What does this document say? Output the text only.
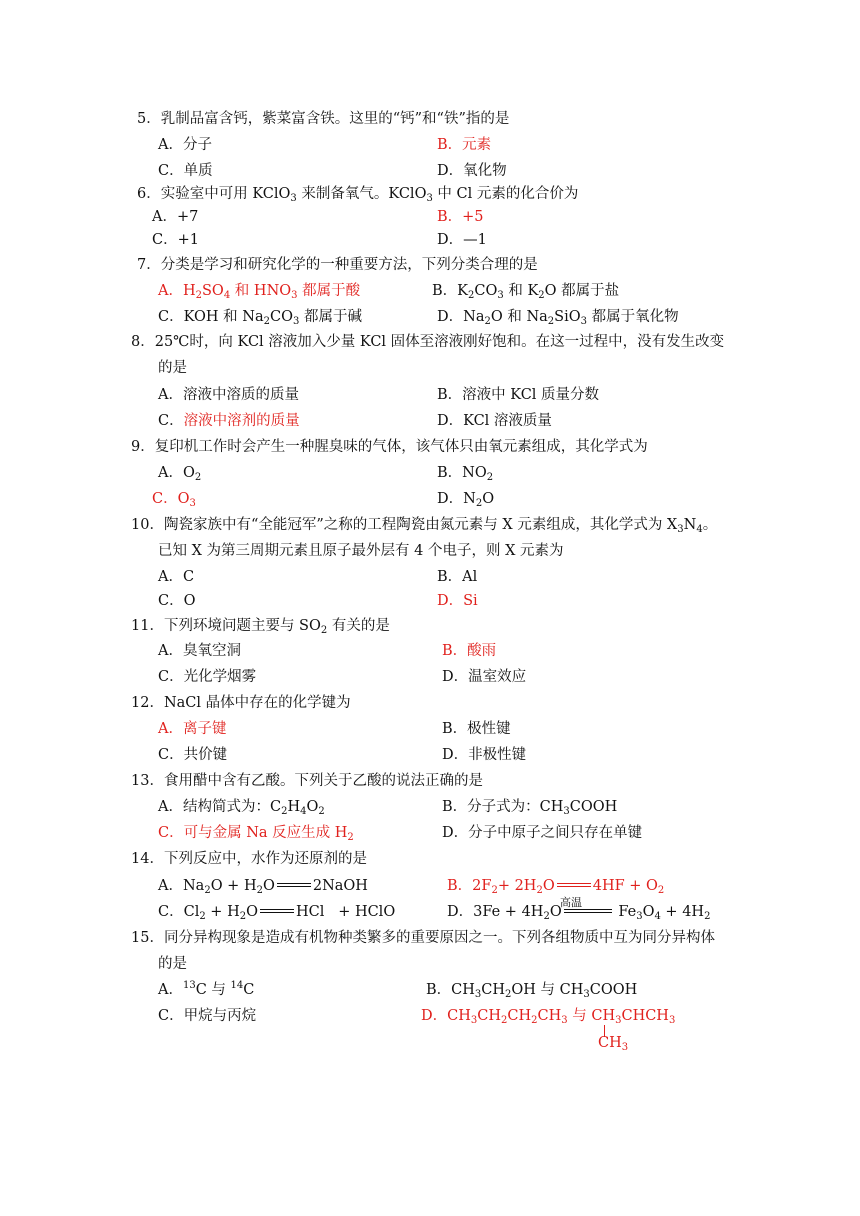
5．乳制品富含钙，紫菜富含铁。这里的“钙”和“铁”指的是
A．分子	B．元素
C．单质	D．氧化物
6．实验室中可用 KClO$_3$ 来制备氧气。KClO$_3$ 中 Cl 元素的化合价为
A．+7	B．+5
C．+1	D．—1
7．分类是学习和研究化学的一种重要方法，下列分类合理的是
A．$H_2SO_4$ 和 $HNO_3$ 都属于酸	B．$K_2CO_3$ 和 $K_2O$ 都属于盐
C．KOH 和 $Na_2CO_3$ 都属于碱	D．$Na_2O$ 和 $Na_2SiO_3$ 都属于氧化物
8．25℃时，向 KCl 溶液加入少量 KCl 固体至溶液刚好饱和。在这一过程中，没有发生改变
的是
A．溶液中溶质的质量	B．溶液中 KCl 质量分数
C．溶液中溶剂的质量	D．KCl 溶液质量
9．复印机工作时会产生一种腥臭味的气体，该气体只由氧元素组成，其化学式为
A．$O_2$	B．$NO_2$
C．$O_3$	D．$N_2O$
10．陶瓷家族中有“全能冠军”之称的工程陶瓷由氮元素与 X 元素组成，其化学式为 $X_3N_4$。
已知 X 为第三周期元素且原子最外层有 4 个电子，则 X 元素为
A．C	B．Al
C．O	D．Si
11．下列环境问题主要与 $SO_2$ 有关的是
A．臭氧空洞	B．酸雨
C．光化学烟雾	D．温室效应
12．NaCl 晶体中存在的化学键为
A．离子键	B．极性键
C．共价键	D．非极性键
13．食用醋中含有乙酸。下列关于乙酸的说法正确的是
A．结构简式为：$C_2H_4O_2$	B．分子式为：$CH_3COOH$
C．可与金属 Na 反应生成 $H_2$	D．分子中原子之间只存在单键
14．下列反应中，水作为还原剂的是
A．$Na_2O + H_2O$	2NaOH	B．$2F_2+ 2H_2O$	$4HF + O_2$
C．$Cl_2 + H_2O$	HCl   + HClO	D．$3Fe + 4H_2O$	$Fe_3O_4 + 4H_2$
高温
15．同分异构现象是造成有机物种类繁多的重要原因之一。下列各组物质中互为同分异构体
的是
A．$^{13}$C 与 $^{14}$C	B．$CH_3CH_2OH$ 与 $CH_3COOH$
C．甲烷与丙烷	D．$CH_3CH_2CH_2CH_3$ 与 $CH_3CHCH_3$
$CH_3$
